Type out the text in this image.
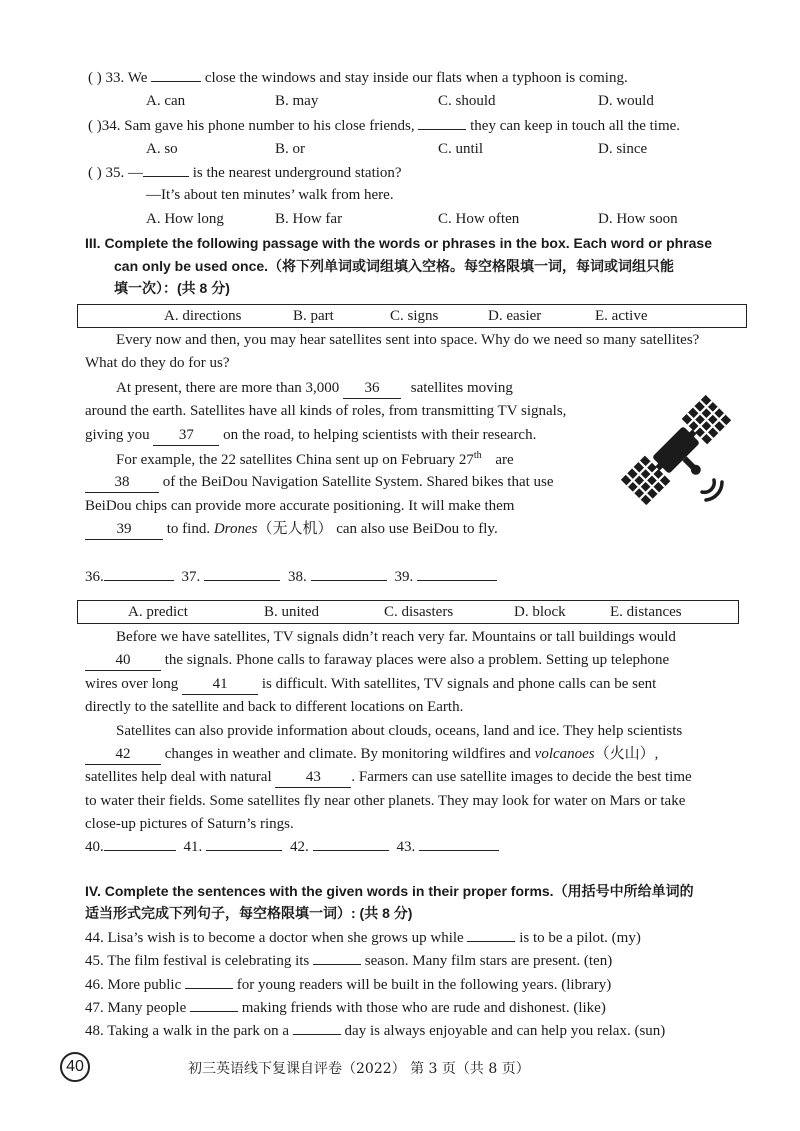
( ) 33. We	close the windows and stay inside our flats when a typhoon is coming.
A. can	B. may	C. should	D. would
( )34. Sam gave his phone number to his close friends,	they can keep in touch all the time.
A. so	B. or	C. until	D. since
( ) 35. —	is the nearest underground station?
—It’s about ten minutes’ walk from here.
A. How long	B. How far	C. How often	D. How soon
III. Complete the following passage with the words or phrases in the box. Each word or phrase
can only be used once.（将下列单词或词组填入空格。每空格限填一词，每词或词组只能
填一次）：(共 8 分)
A. directions	B. part	C. signs	D. easier	E. active
Every now and then, you may hear satellites sent into space. Why do we need so many satellites?
What do they do for us?
At present, there are more than 3,000 36 satellites moving
around the earth. Satellites have all kinds of roles, from transmitting TV signals,
giving you 37 on the road, to helping scientists with their research.
For example, the 22 satellites China sent up on February 27th are
38 of the BeiDou Navigation Satellite System. Shared bikes that use
BeiDou chips can provide more accurate positioning. It will make them
39 to find. Drones（无人机） can also use BeiDou to fly.
36.	37.	38.	39.
A. predict	B. united	C. disasters	D. block	E. distances
Before we have satellites, TV signals didn’t reach very far. Mountains or tall buildings would
40 the signals. Phone calls to faraway places were also a problem. Setting up telephone
wires over long 41 is difficult. With satellites, TV signals and phone calls can be sent
directly to the satellite and back to different locations on Earth.
Satellites can also provide information about clouds, oceans, land and ice. They help scientists
42 changes in weather and climate. By monitoring wildfires and volcanoes（火山）,
satellites help deal with natural 43 . Farmers can use satellite images to decide the best time
to water their fields. Some satellites fly near other planets. They may look for water on Mars or take
close-up pictures of Saturn’s rings.
40.	41.	42.	43.
IV. Complete the sentences with the given words in their proper forms.（用括号中所给单词的
适当形式完成下列句子，每空格限填一词）: (共 8 分)
44. Lisa’s wish is to become a doctor when she grows up while	is to be a pilot. (my)
45. The film festival is celebrating its	season. Many film stars are present. (ten)
46. More public	for young readers will be built in the following years. (library)
47. Many people	making friends with those who are rude and dishonest. (like)
48. Taking a walk in the park on a	day is always enjoyable and can help you relax. (sun)
40	初三英语线下复课自评卷（2022） 第 3 页（共 8 页）
